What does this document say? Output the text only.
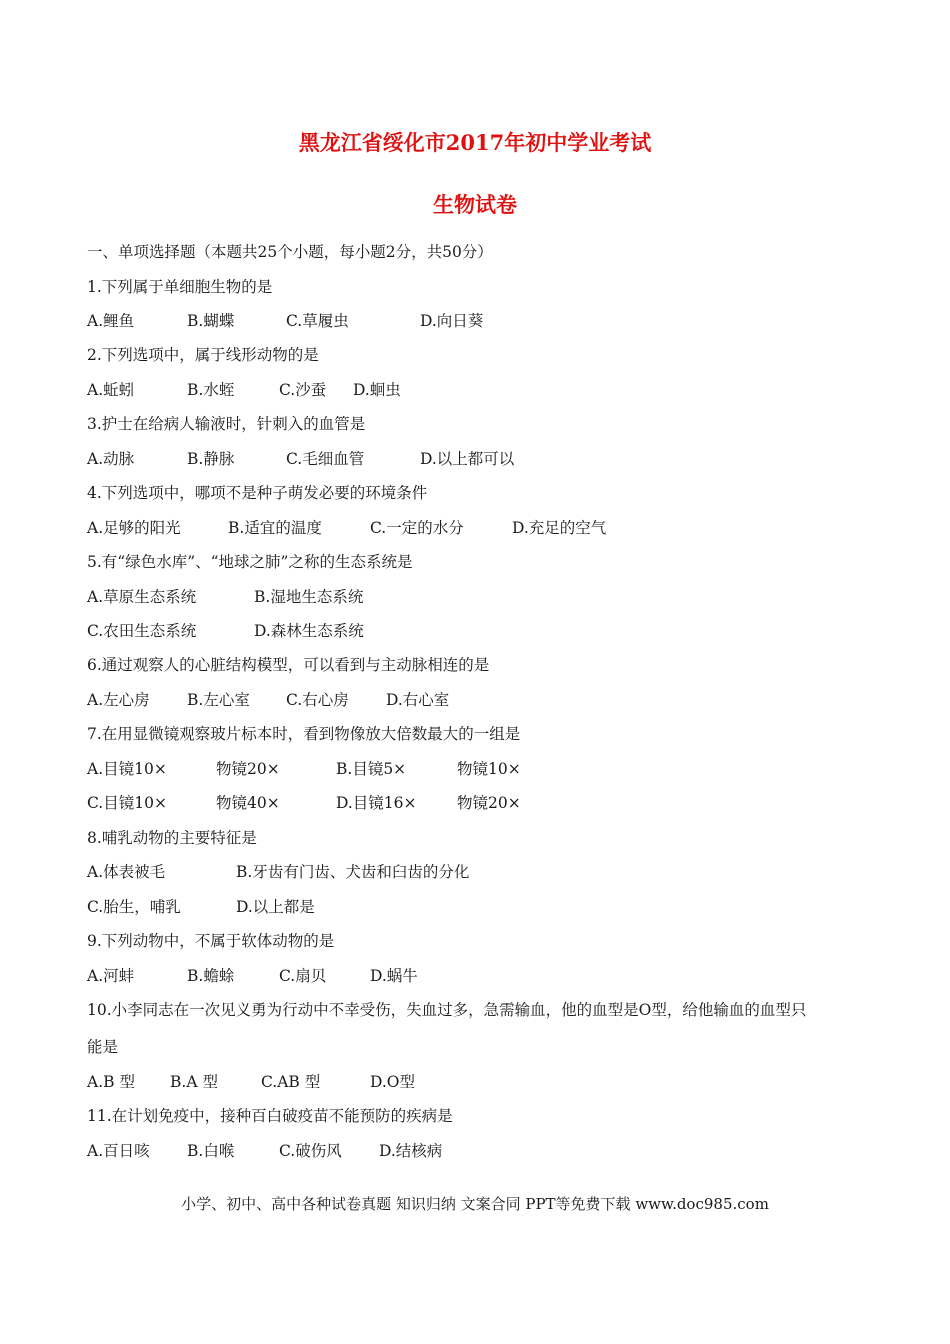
黑龙江省绥化市2017年初中学业考试
生物试卷
一、单项选择题（本题共25个小题，每小题2分，共50分）
1.下列属于单细胞生物的是
A.鲤鱼	B.蝴蝶	C.草履虫	D.向日葵
2.下列选项中，属于线形动物的是
A.蚯蚓	B.水蛭	C.沙蚕 D.蛔虫
3.护士在给病人输液时，针刺入的血管是
A.动脉	B.静脉	C.毛细血管	D.以上都可以
4.下列选项中，哪项不是种子萌发必要的环境条件
A.足够的阳光	B.适宜的温度	C.一定的水分	D.充足的空气
5.有“绿色水库”、“地球之肺”之称的生态系统是
A.草原生态系统	B.湿地生态系统
C.农田生态系统	D.森林生态系统
6.通过观察人的心脏结构模型，可以看到与主动脉相连的是
A.左心房 B.左心室 C.右心房 D.右心室
7.在用显微镜观察玻片标本时，看到物像放大倍数最大的一组是
A.目镜10×	物镜20×	B.目镜5×	物镜10×
C.目镜10×	物镜40×	D.目镜16×	物镜20×
8.哺乳动物的主要特征是
A.体表被毛	B.牙齿有门齿、犬齿和臼齿的分化
C.胎生，哺乳	D.以上都是
9.下列动物中，不属于软体动物的是
A.河蚌	B.蟾蜍	C.扇贝	D.蜗牛
10.小李同志在一次见义勇为行动中不幸受伤，失血过多，急需输血，他的血型是O型，给他输血的血型只
能是
A.B 型 B.A 型	C.AB 型	D.O型
11.在计划免疫中，接种百白破疫苗不能预防的疾病是
A.百日咳 B.白喉	C.破伤风 D.结核病
小学、初中、高中各种试卷真题 知识归纳 文案合同 PPT等免费下载 www.doc985.com
